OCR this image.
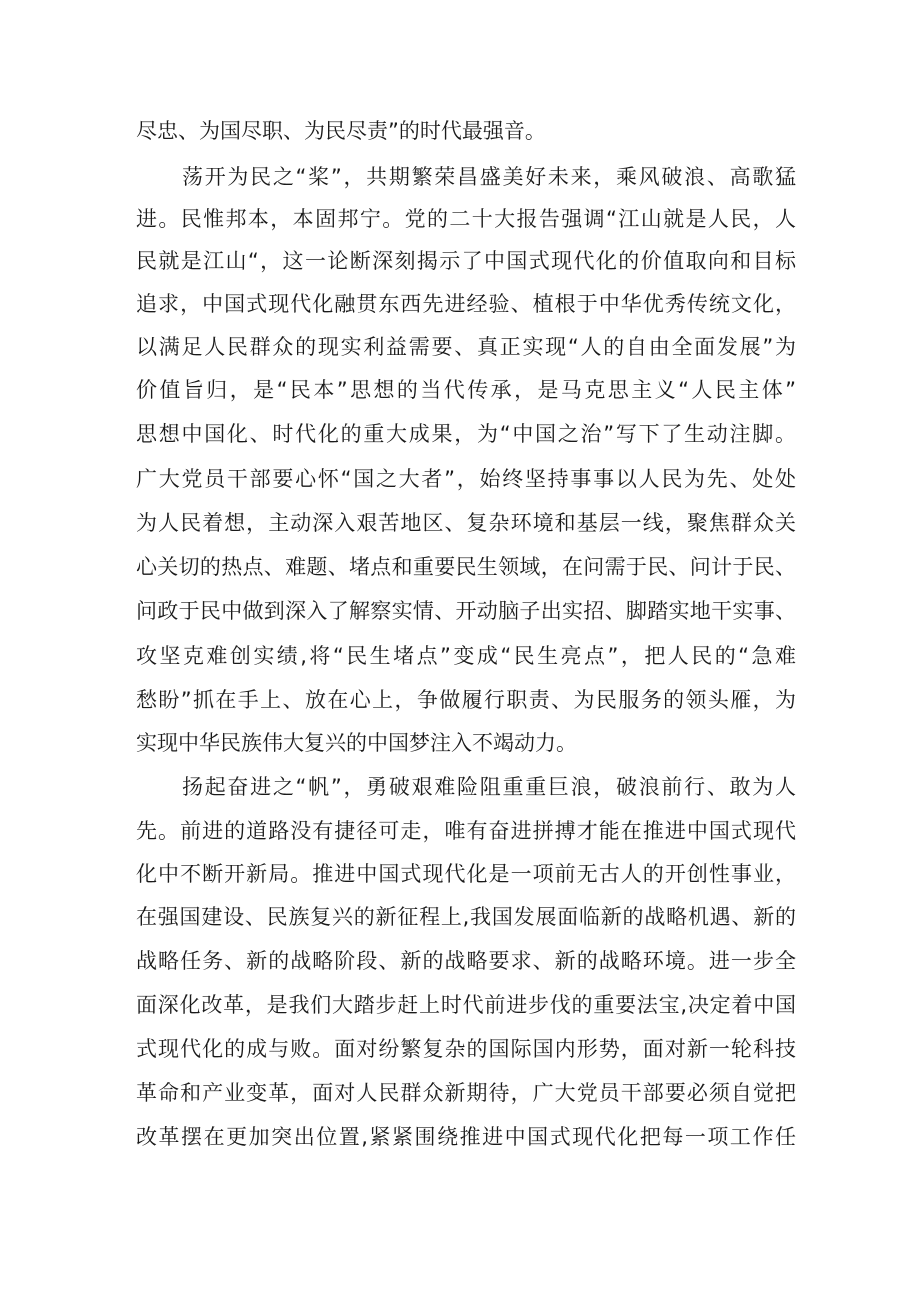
尽忠、为国尽职、为民尽责”的时代最强音。
荡开为民之“桨”，共期繁荣昌盛美好未来，乘风破浪、高歌猛
进。民惟邦本，本固邦宁。党的二十大报告强调“江山就是人民，人
民就是江山“，这一论断深刻揭示了中国式现代化的价值取向和目标
追求，中国式现代化融贯东西先进经验、植根于中华优秀传统文化，
以满足人民群众的现实利益需要、真正实现“人的自由全面发展”为
价值旨归，是“民本”思想的当代传承，是马克思主义“人民主体”
思想中国化、时代化的重大成果，为“中国之治”写下了生动注脚。
广大党员干部要心怀“国之大者”，始终坚持事事以人民为先、处处
为人民着想，主动深入艰苦地区、复杂环境和基层一线，聚焦群众关
心关切的热点、难题、堵点和重要民生领域，在问需于民、问计于民、
问政于民中做到深入了解察实情、开动脑子出实招、脚踏实地干实事、
攻坚克难创实绩,将“民生堵点”变成“民生亮点”，把人民的“急难
愁盼”抓在手上、放在心上，争做履行职责、为民服务的领头雁，为
实现中华民族伟大复兴的中国梦注入不竭动力。
扬起奋进之“帆”，勇破艰难险阻重重巨浪，破浪前行、敢为人
先。前进的道路没有捷径可走，唯有奋进拼搏才能在推进中国式现代
化中不断开新局。推进中国式现代化是一项前无古人的开创性事业，
在强国建设、民族复兴的新征程上,我国发展面临新的战略机遇、新的
战略任务、新的战略阶段、新的战略要求、新的战略环境。进一步全
面深化改革，是我们大踏步赶上时代前进步伐的重要法宝,决定着中国
式现代化的成与败。面对纷繁复杂的国际国内形势，面对新一轮科技
革命和产业变革，面对人民群众新期待，广大党员干部要必须自觉把
改革摆在更加突出位置,紧紧围绕推进中国式现代化把每一项工作任
